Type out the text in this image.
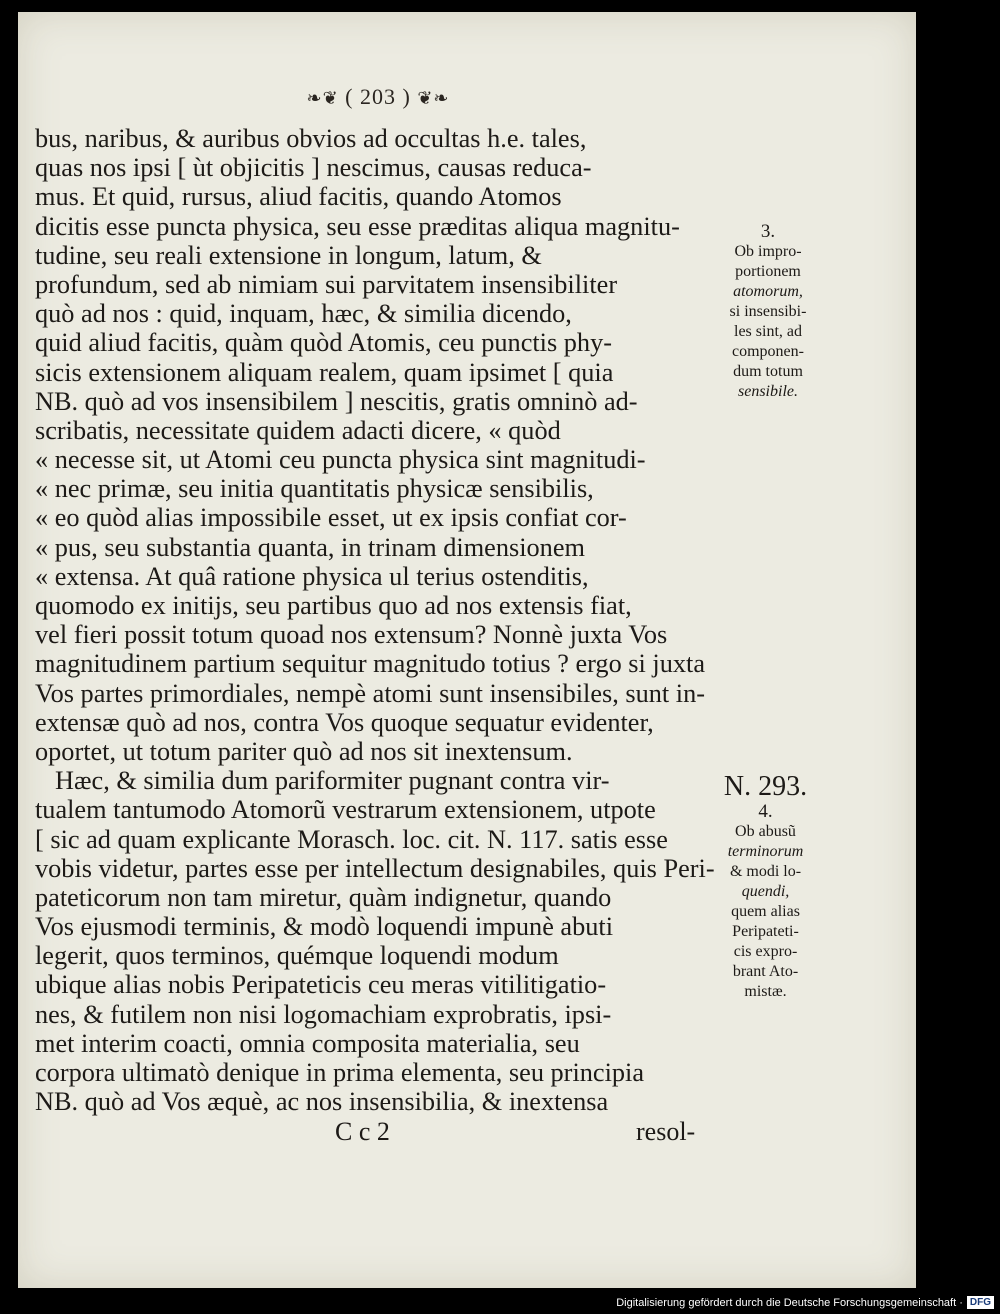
❧❦ ( 203 ) ❦❧
bus, naribus, & auribus obvios ad occultas h.e. tales,
quas nos ipsi [ ùt objicitis ] nescimus, causas reduca-
mus. Et quid, rursus, aliud facitis, quando Atomos
dicitis esse puncta physica, seu esse præditas aliqua magnitu-
tudine, seu reali extensione in longum, latum, &
profundum, sed ab nimiam sui parvitatem insensibiliter
quò ad nos : quid, inquam, hæc, & similia dicendo,
quid aliud facitis, quàm quòd Atomis, ceu punctis phy-
sicis extensionem aliquam realem, quam ipsimet [ quia
NB. quò ad vos insensibilem ] nescitis, gratis omninò ad-
scribatis, necessitate quidem adacti dicere, « quòd
« necesse sit, ut Atomi ceu puncta physica sint magnitudi-
« nec primæ, seu initia quantitatis physicæ sensibilis,
« eo quòd alias impossibile esset, ut ex ipsis confiat cor-
« pus, seu substantia quanta, in trinam dimensionem
« extensa. At quâ ratione physica ul terius ostenditis,
quomodo ex initijs, seu partibus quo ad nos extensis fiat,
vel fieri possit totum quoad nos extensum? Nonnè juxta Vos
magnitudinem partium sequitur magnitudo totius ? ergo si juxta
Vos partes primordiales, nempè atomi sunt insensibiles, sunt in-
extensæ quò ad nos, contra Vos quoque sequatur evidenter,
oportet, ut totum pariter quò ad nos sit inextensum.
Hæc, & similia dum pariformiter pugnant contra vir-
tualem tantumodo Atomorũ vestrarum extensionem, utpote
[ sic ad quam explicante Morasch. loc. cit. N. 117. satis esse
vobis videtur, partes esse per intellectum designabiles, quis Peri-
pateticorum non tam miretur, quàm indignetur, quando
Vos ejusmodi terminis, & modò loquendi impunè abuti
legerit, quos terminos, quémque loquendi modum
ubique alias nobis Peripateticis ceu meras vitilitigatio-
nes, & futilem non nisi logomachiam exprobratis, ipsi-
met interim coacti, omnia composita materialia, seu
corpora ultimatò denique in prima elementa, seu principia
NB. quò ad Vos æquè, ac nos insensibilia, & inextensa
3.
Ob impro-
portionem
atomorum,
si insensibi-
les sint, ad
componen-
dum totum
sensibile.
N. 293.
4.
Ob abusũ
terminorum
& modi lo-
quendi,
quem alias
Peripateti-
cis expro-
brant Ato-
mistæ.
C c 2	resol-
Digitalisierung gefördert durch die Deutsche Forschungsgemeinschaft · DFG
